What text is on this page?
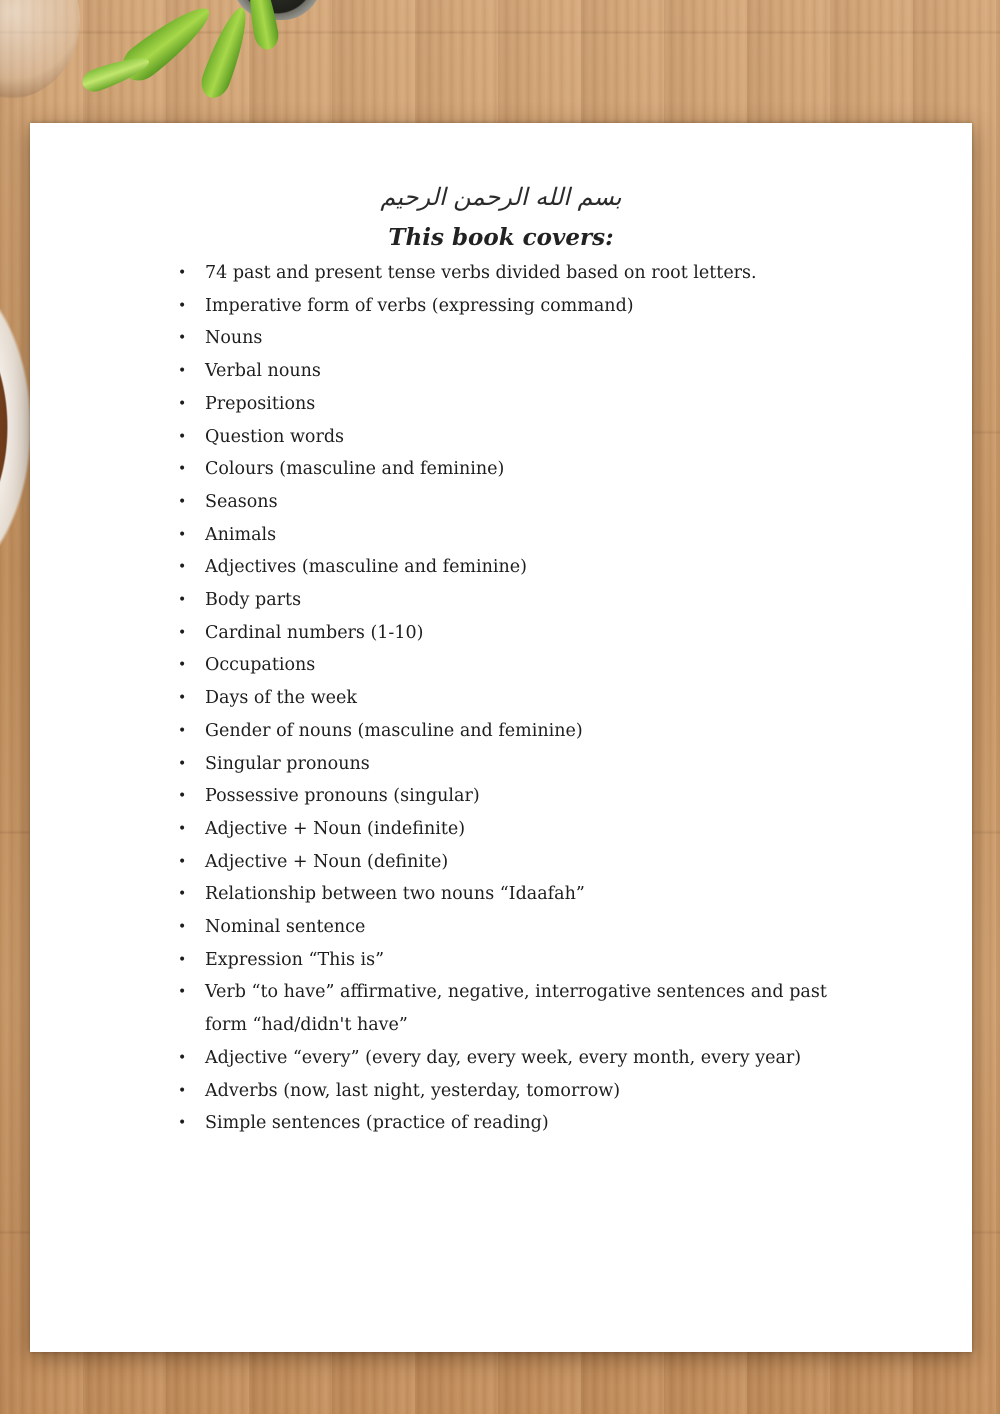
بسم الله الرحمن الرحيم
This book covers:
• 74 past and present tense verbs divided based on root letters.
• Imperative form of verbs (expressing command)
• Nouns
• Verbal nouns
• Prepositions
• Question words
• Colours (masculine and feminine)
• Seasons
• Animals
• Adjectives (masculine and feminine)
• Body parts
• Cardinal numbers (1-10)
• Occupations
• Days of the week
• Gender of nouns (masculine and feminine)
• Singular pronouns
• Possessive pronouns (singular)
• Adjective + Noun (indefinite)
• Adjective + Noun (definite)
• Relationship between two nouns “Idaafah”
• Nominal sentence
• Expression “This is”
• Verb “to have” affirmative, negative, interrogative sentences and past form “had/didn't have”
• Adjective “every” (every day, every week, every month, every year)
• Adverbs (now, last night, yesterday, tomorrow)
• Simple sentences (practice of reading)
